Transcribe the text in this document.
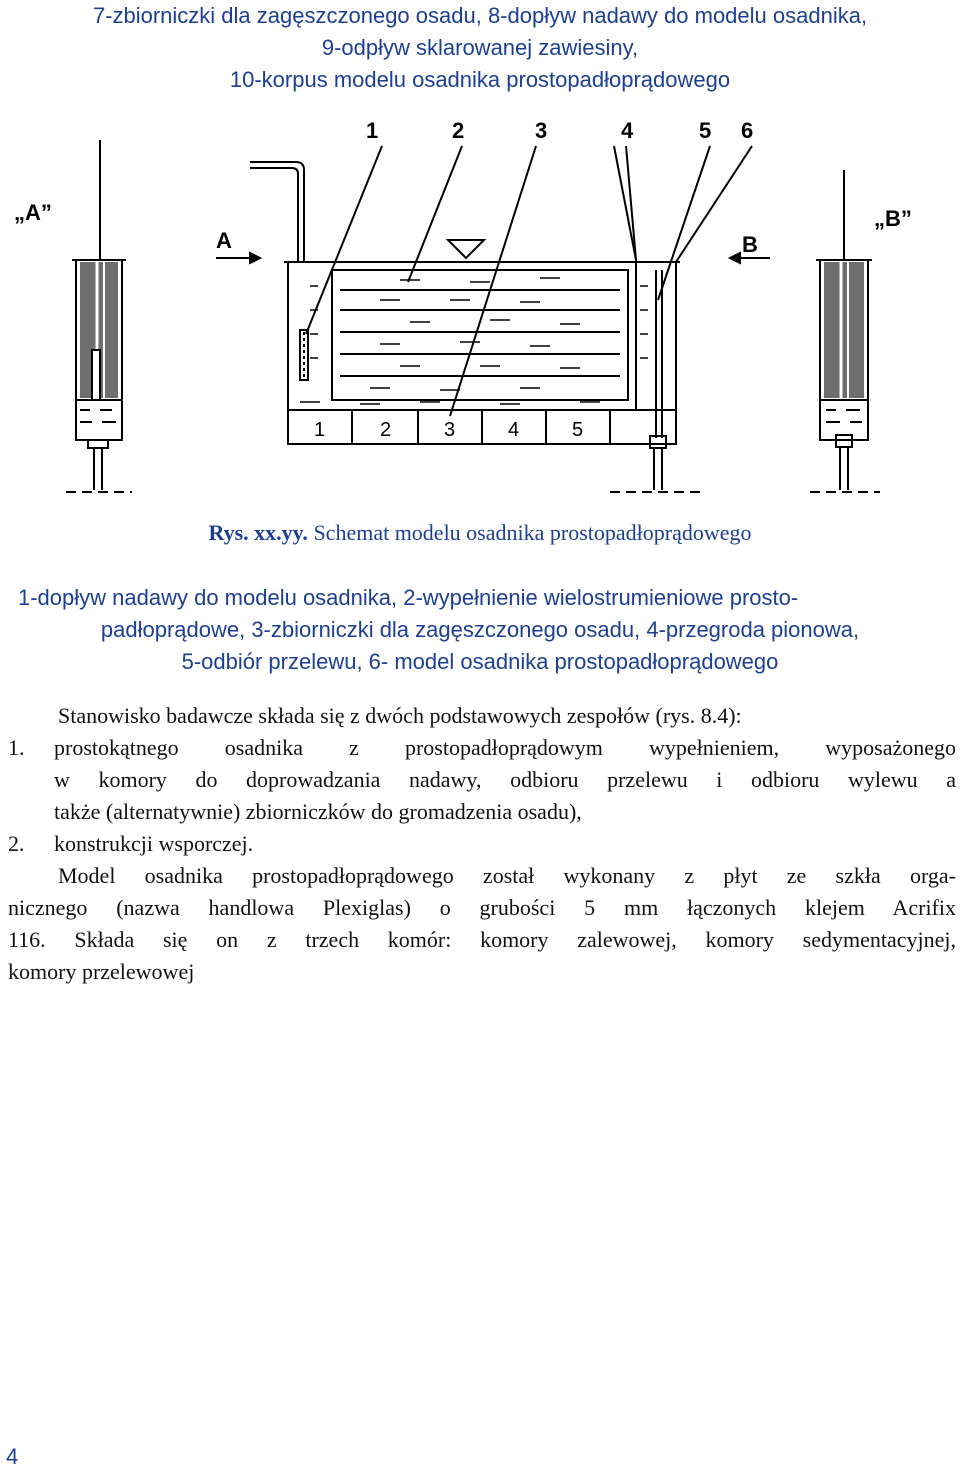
7-zbiorniczki dla zagęszczonego osadu, 8-dopływ nadawy do modelu osadnika,
9-odpływ sklarowanej zawiesiny,
10-korpus modelu osadnika prostopadłoprądowego
1	2	3	4	5 6
„A”	„B”
A	B
1	2	3	4	5
Rys. xx.yy. Schemat modelu osadnika prostopadłoprądowego
1-dopływ nadawy do modelu osadnika, 2-wypełnienie wielostrumieniowe prosto-
padłoprądowe, 3-zbiorniczki dla zagęszczonego osadu, 4-przegroda pionowa,
5-odbiór przelewu, 6- model osadnika prostopadłoprądowego

Stanowisko badawcze składa się z dwóch podstawowych zespołów (rys. 8.4):

1.	prostokątnego osadnika z prostopadłoprądowym wypełnieniem, wyposażonego
w komory do doprowadzania nadawy, odbioru przelewu i odbioru wylewu a
także (alternatywnie) zbiorniczków do gromadzenia osadu),
2.	konstrukcji wsporczej.
Model osadnika prostopadłoprądowego został wykonany z płyt ze szkła orga-
nicznego (nazwa handlowa Plexiglas) o grubości 5 mm łączonych klejem Acrifix
116. Składa się on z trzech komór: komory zalewowej, komory sedymentacyjnej,
komory przelewowej
4
